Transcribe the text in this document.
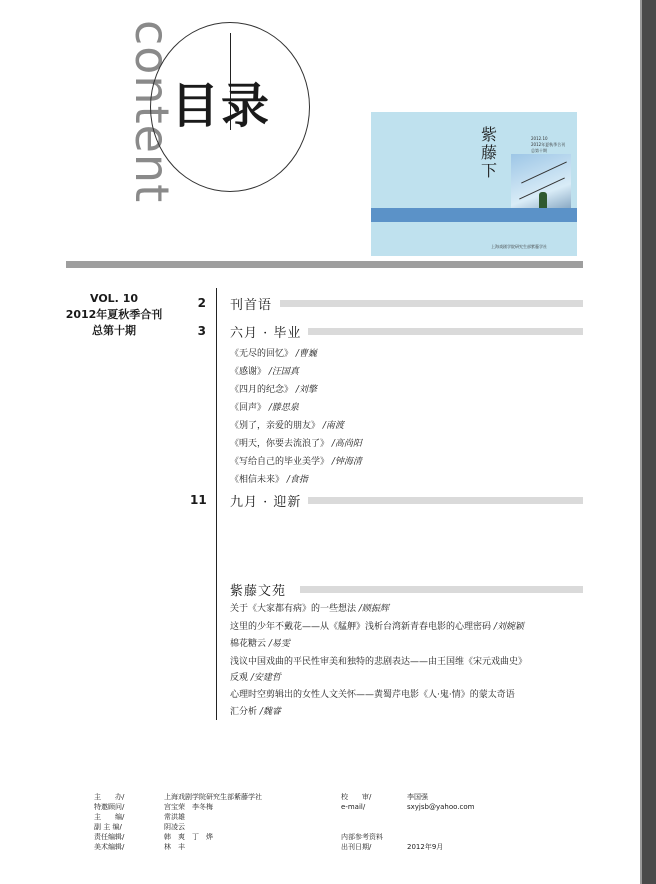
content
目录
紫藤下
2012.10
2012年夏秋季合刊
总第十期
上海戏剧学院研究生部紫藤学社
VOL. 10
2012年夏秋季合刊
总第十期
2 刊首语
3 六月 · 毕业
《无尽的回忆》 /曹巍
《感谢》 /汪国真
《四月的纪念》 /刘擎
《回声》 /滕思泉
《别了，亲爱的朋友》 /南渡
《明天，你要去流浪了》 /高尚阳
《写给自己的毕业美学》 /钟海清
《相信未来》 /食指
11 九月 · 迎新
紫藤文苑
关于《大家都有病》的一些想法 /顾振辉
这里的少年不戴花——从《艋舺》浅析台湾新青春电影的心理密码 /刘婉颖
棉花糖云 /易雯
浅议中国戏曲的平民性审美和独特的悲剧表达——由王国维《宋元戏曲史》
反观 /安建哲
心理时空剪辑出的女性人文关怀——黄蜀芹电影《人·鬼·情》的蒙太奇语
汇分析 /魏睿
主　　办/	上海戏剧学院研究生部紫藤学社
特邀顾问/	宫宝荣　李冬梅
主　　编/	常洪雄
副 主 编/	阴凌云
责任编辑/	韩　爽　丁　烨
美术编辑/	林　丰
校　　审/	李国强
e-mail/	sxyjsb@yahoo.com

内部参考资料
出刊日期/	2012年9月
